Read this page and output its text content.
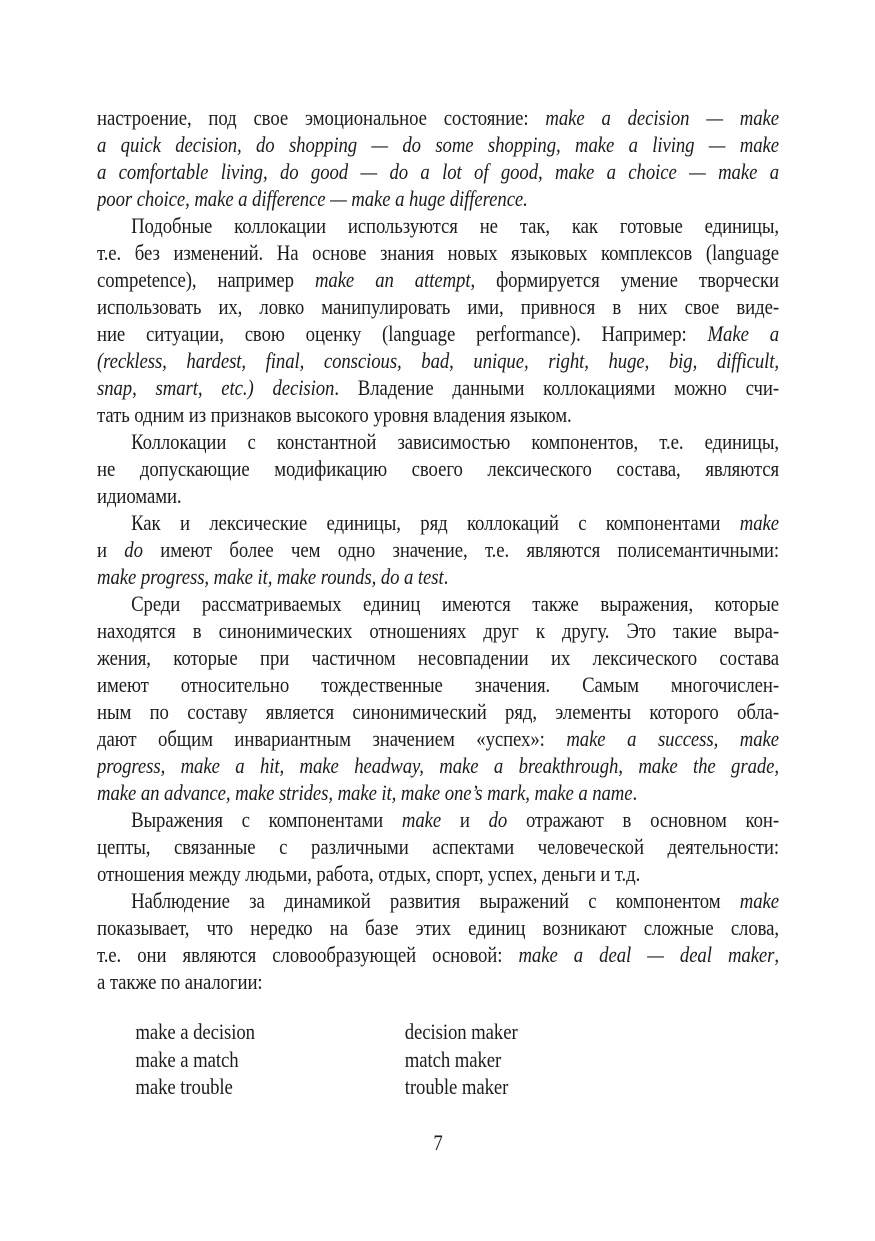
настроение, под свое эмоциональное состояние: make a decision — make
a quick decision, do shopping — do some shopping, make a living — make
a comfortable living, do good — do a lot of good, make a choice — make a
poor choice, make a difference — make a huge difference.
Подобные коллокации используются не так, как готовые единицы,
т.е. без изменений. На основе знания новых языковых комплексов (language
competence), например make an attempt, формируется умение творчески
использовать их, ловко манипулировать ими, привнося в них свое виде-
ние ситуации, свою оценку (language performance). Например: Make a
(reckless, hardest, final, conscious, bad, unique, right, huge, big, difficult,
snap, smart, etc.) decision. Владение данными коллокациями можно счи-
тать одним из признаков высокого уровня владения языком.
Коллокации с константной зависимостью компонентов, т.е. единицы,
не допускающие модификацию своего лексического состава, являются
идиомами.
Как и лексические единицы, ряд коллокаций с компонентами make
и do имеют более чем одно значение, т.е. являются полисемантичными:
make progress, make it, make rounds, do a test.
Среди рассматриваемых единиц имеются также выражения, которые
находятся в синонимических отношениях друг к другу. Это такие выра-
жения, которые при частичном несовпадении их лексического состава
имеют относительно тождественные значения. Самым многочислен-
ным по составу является синонимический ряд, элементы которого обла-
дают общим инвариантным значением «успех»: make a success, make
progress, make a hit, make headway, make a breakthrough, make the grade,
make an advance, make strides, make it, make one’s mark, make a name.
Выражения с компонентами make и do отражают в основном кон-
цепты, связанные с различными аспектами человеческой деятельности:
отношения между людьми, работа, отдых, спорт, успех, деньги и т.д.
Наблюдение за динамикой развития выражений с компонентом make
показывает, что нередко на базе этих единиц возникают сложные слова,
т.е. они являются словообразующей основой: make a deal — deal maker,
а также по аналогии:
make a decision	decision maker
make a match	match maker
make trouble	trouble maker
7
